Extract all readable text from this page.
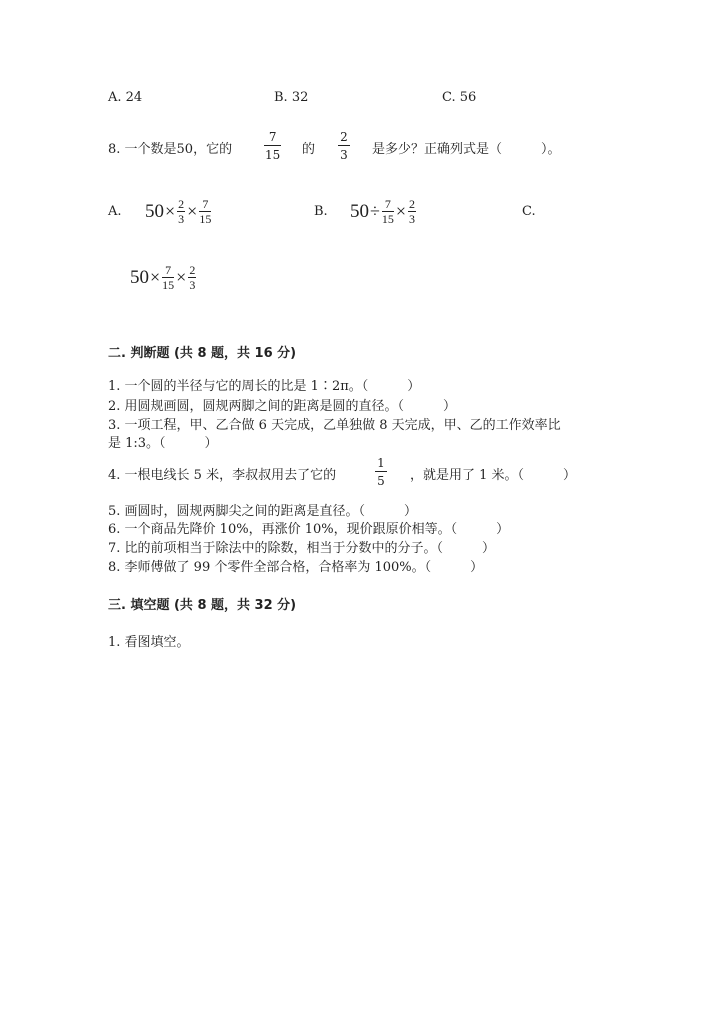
A. 24	B. 32	C. 56
8. 一个数是50，它的
7
15 的
2
3 是多少？正确列式是（　　　）。
A. 50 × 2
3 × 7
15	B. 50 ÷ 7
15 × 2
3	C.
50 × 7
15 × 2
3
二. 判断题 (共 8 题，共 16 分)
1. 一个圆的半径与它的周长的比是 1∶2π。（　　　）
2. 用圆规画圆，圆规两脚之间的距离是圆的直径。（　　　）
3. 一项工程，甲、乙合做 6 天完成，乙单独做 8 天完成，甲、乙的工作效率比
是 1:3。（　　　）
4. 一根电线长 5 米，李叔叔用去了它的
1
5 ，就是用了 1 米。（　　　）
5. 画圆时，圆规两脚尖之间的距离是直径。（　　　）
6. 一个商品先降价 10%，再涨价 10%，现价跟原价相等。（　　　）
7. 比的前项相当于除法中的除数，相当于分数中的分子。（　　　）
8. 李师傅做了 99 个零件全部合格，合格率为 100%。（　　　）
三. 填空题 (共 8 题，共 32 分)
1. 看图填空。
